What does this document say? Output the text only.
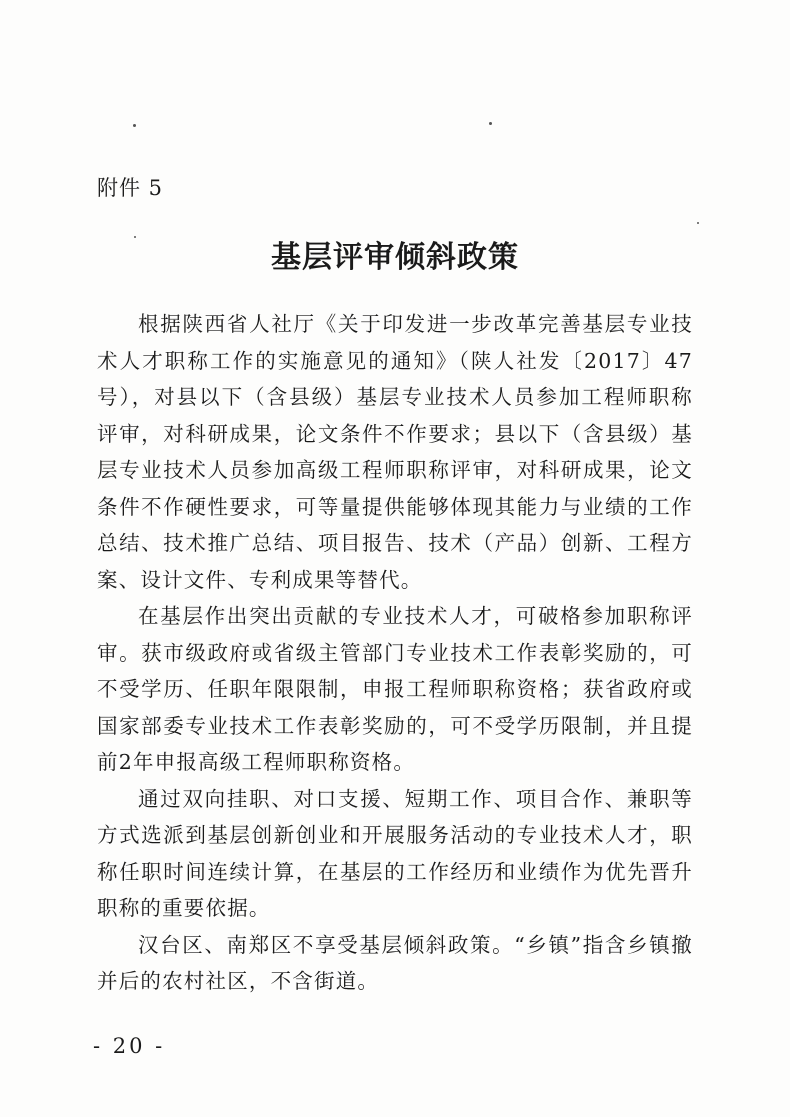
附件 5
基层评审倾斜政策

根据陕西省人社厅《关于印发进一步改革完善基层专业技术人才职称工作的实施意见的通知》（陕人社发〔2017〕47号），对县以下（含县级）基层专业技术人员参加工程师职称评审，对科研成果，论文条件不作要求；县以下（含县级）基层专业技术人员参加高级工程师职称评审，对科研成果，论文条件不作硬性要求，可等量提供能够体现其能力与业绩的工作总结、技术推广总结、项目报告、技术（产品）创新、工程方案、设计文件、专利成果等替代。

在基层作出突出贡献的专业技术人才，可破格参加职称评审。获市级政府或省级主管部门专业技术工作表彰奖励的，可不受学历、任职年限限制，申报工程师职称资格；获省政府或国家部委专业技术工作表彰奖励的，可不受学历限制，并且提前2年申报高级工程师职称资格。

通过双向挂职、对口支援、短期工作、项目合作、兼职等方式选派到基层创新创业和开展服务活动的专业技术人才，职称任职时间连续计算，在基层的工作经历和业绩作为优先晋升职称的重要依据。

汉台区、南郑区不享受基层倾斜政策。“乡镇”指含乡镇撤并后的农村社区，不含街道。

- 20 -
